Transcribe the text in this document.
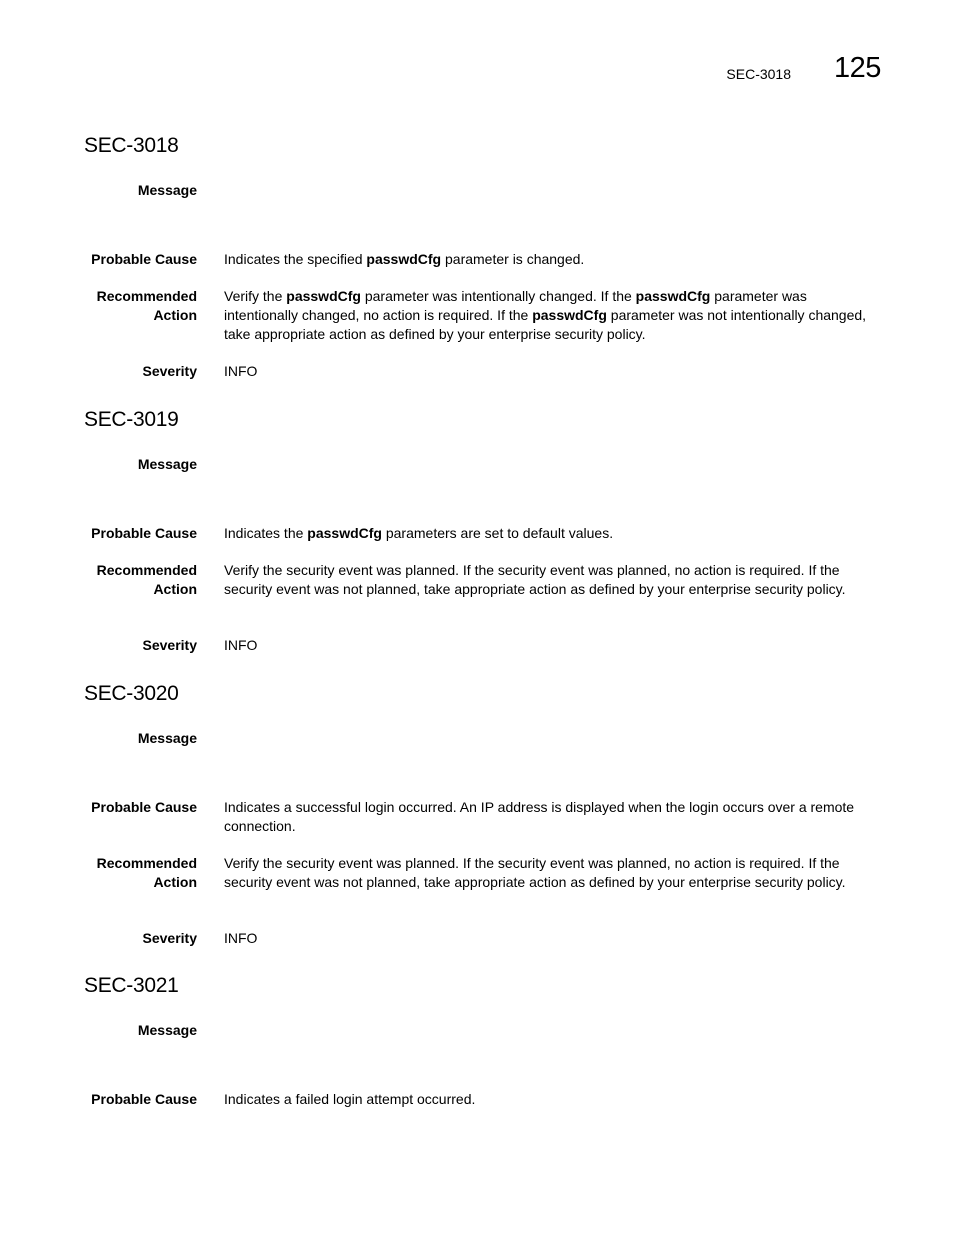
SEC-3018 125
SEC-3018
Message
Probable Cause Indicates the specified passwdCfg parameter is changed.
Recommended
Action
Verify the passwdCfg parameter was intentionally changed. If the passwdCfg parameter was intentionally changed, no action is required. If the passwdCfg parameter was not intentionally changed, take appropriate action as defined by your enterprise security policy.
Severity INFO
SEC-3019
Message
Probable Cause Indicates the passwdCfg parameters are set to default values.
Recommended
Action
Verify the security event was planned. If the security event was planned, no action is required. If the security event was not planned, take appropriate action as defined by your enterprise security policy.
Severity INFO
SEC-3020
Message
Probable Cause Indicates a successful login occurred. An IP address is displayed when the login occurs over a remote connection.
Recommended
Action
Verify the security event was planned. If the security event was planned, no action is required. If the security event was not planned, take appropriate action as defined by your enterprise security policy.
Severity INFO
SEC-3021
Message
Probable Cause Indicates a failed login attempt occurred.
